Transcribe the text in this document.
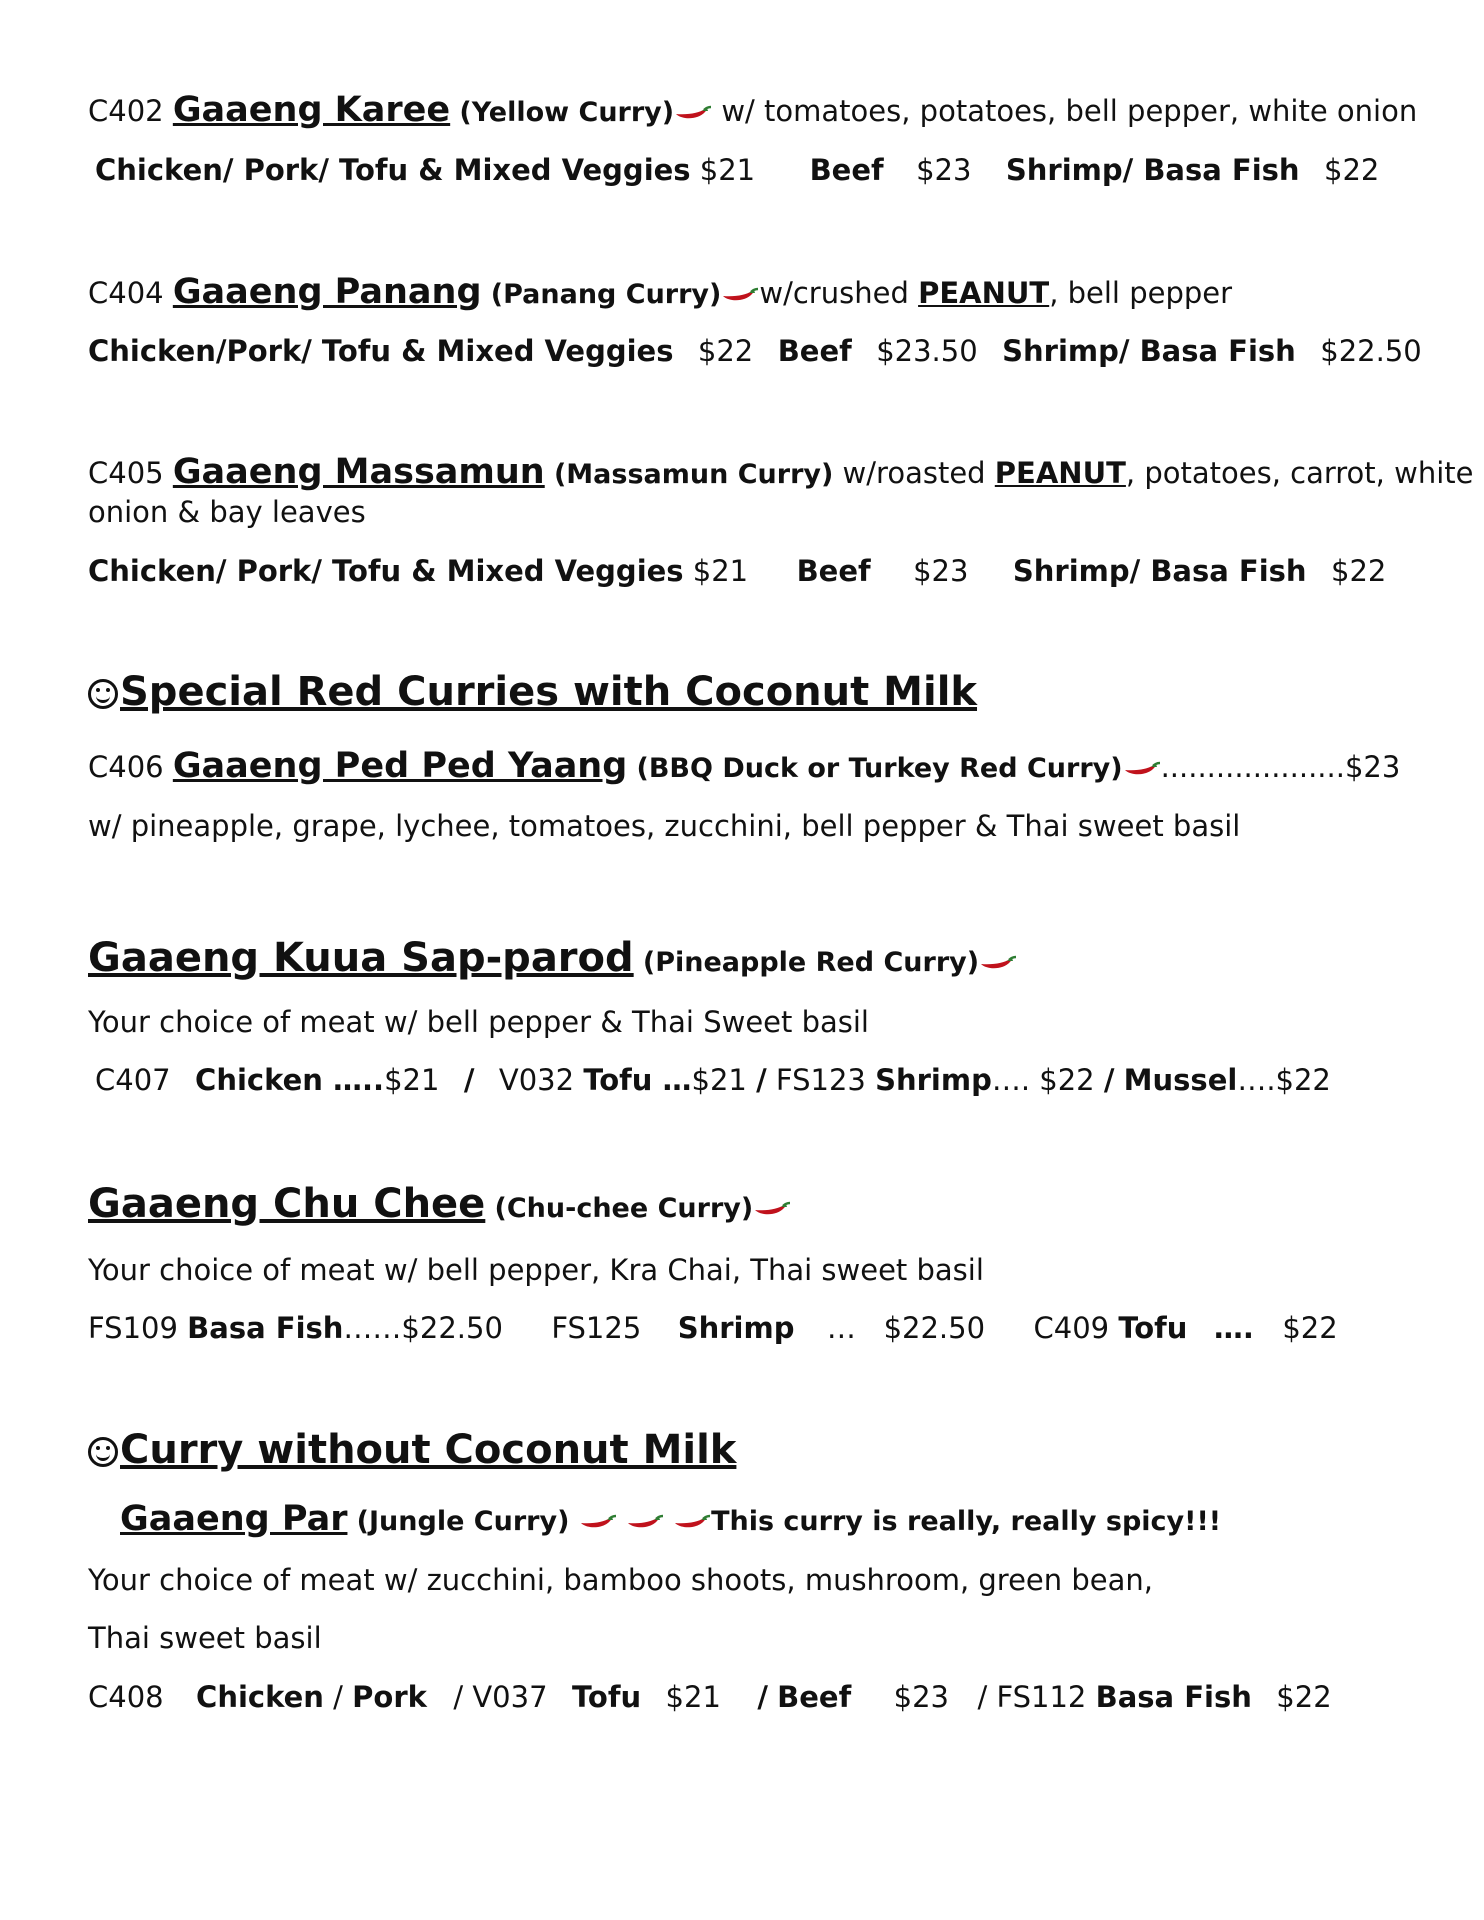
C402 Gaaeng Karee (Yellow Curry) w/ tomatoes, potatoes, bell pepper, white onion
Chicken/ Pork/ Tofu & Mixed Veggies $21 Beef $23 Shrimp/ Basa Fish $22
C404 Gaaeng Panang (Panang Curry) w/crushed PEANUT, bell pepper
Chicken/Pork/ Tofu & Mixed Veggies $22 Beef $23.50 Shrimp/ Basa Fish $22.50
C405 Gaaeng Massamun (Massamun Curry) w/roasted PEANUT, potatoes, carrot, white
onion & bay leaves
Chicken/ Pork/ Tofu & Mixed Veggies $21 Beef $23 Shrimp/ Basa Fish $22
Special Red Curries with Coconut Milk
C406 Gaaeng Ped Ped Yaang (BBQ Duck or Turkey Red Curry) ....................$23
w/ pineapple, grape, lychee, tomatoes, zucchini, bell pepper & Thai sweet basil
Gaaeng Kuua Sap-parod (Pineapple Red Curry)
Your choice of meat w/ bell pepper & Thai Sweet basil
C407 Chicken …..$21 / V032 Tofu …$21 / FS123 Shrimp…. $22 / Mussel….$22
Gaaeng Chu Chee (Chu-chee Curry)
Your choice of meat w/ bell pepper, Kra Chai, Thai sweet basil
FS109 Basa Fish……$22.50 FS125 Shrimp …   $22.50 C409 Tofu …. $22
Curry without Coconut Milk
Gaaeng Par (Jungle Curry)	This curry is really, really spicy!!!
Your choice of meat w/ zucchini, bamboo shoots, mushroom, green bean,
Thai sweet basil
C408 Chicken / Pork / V037 Tofu $21 / Beef $23 / FS112 Basa Fish $22
